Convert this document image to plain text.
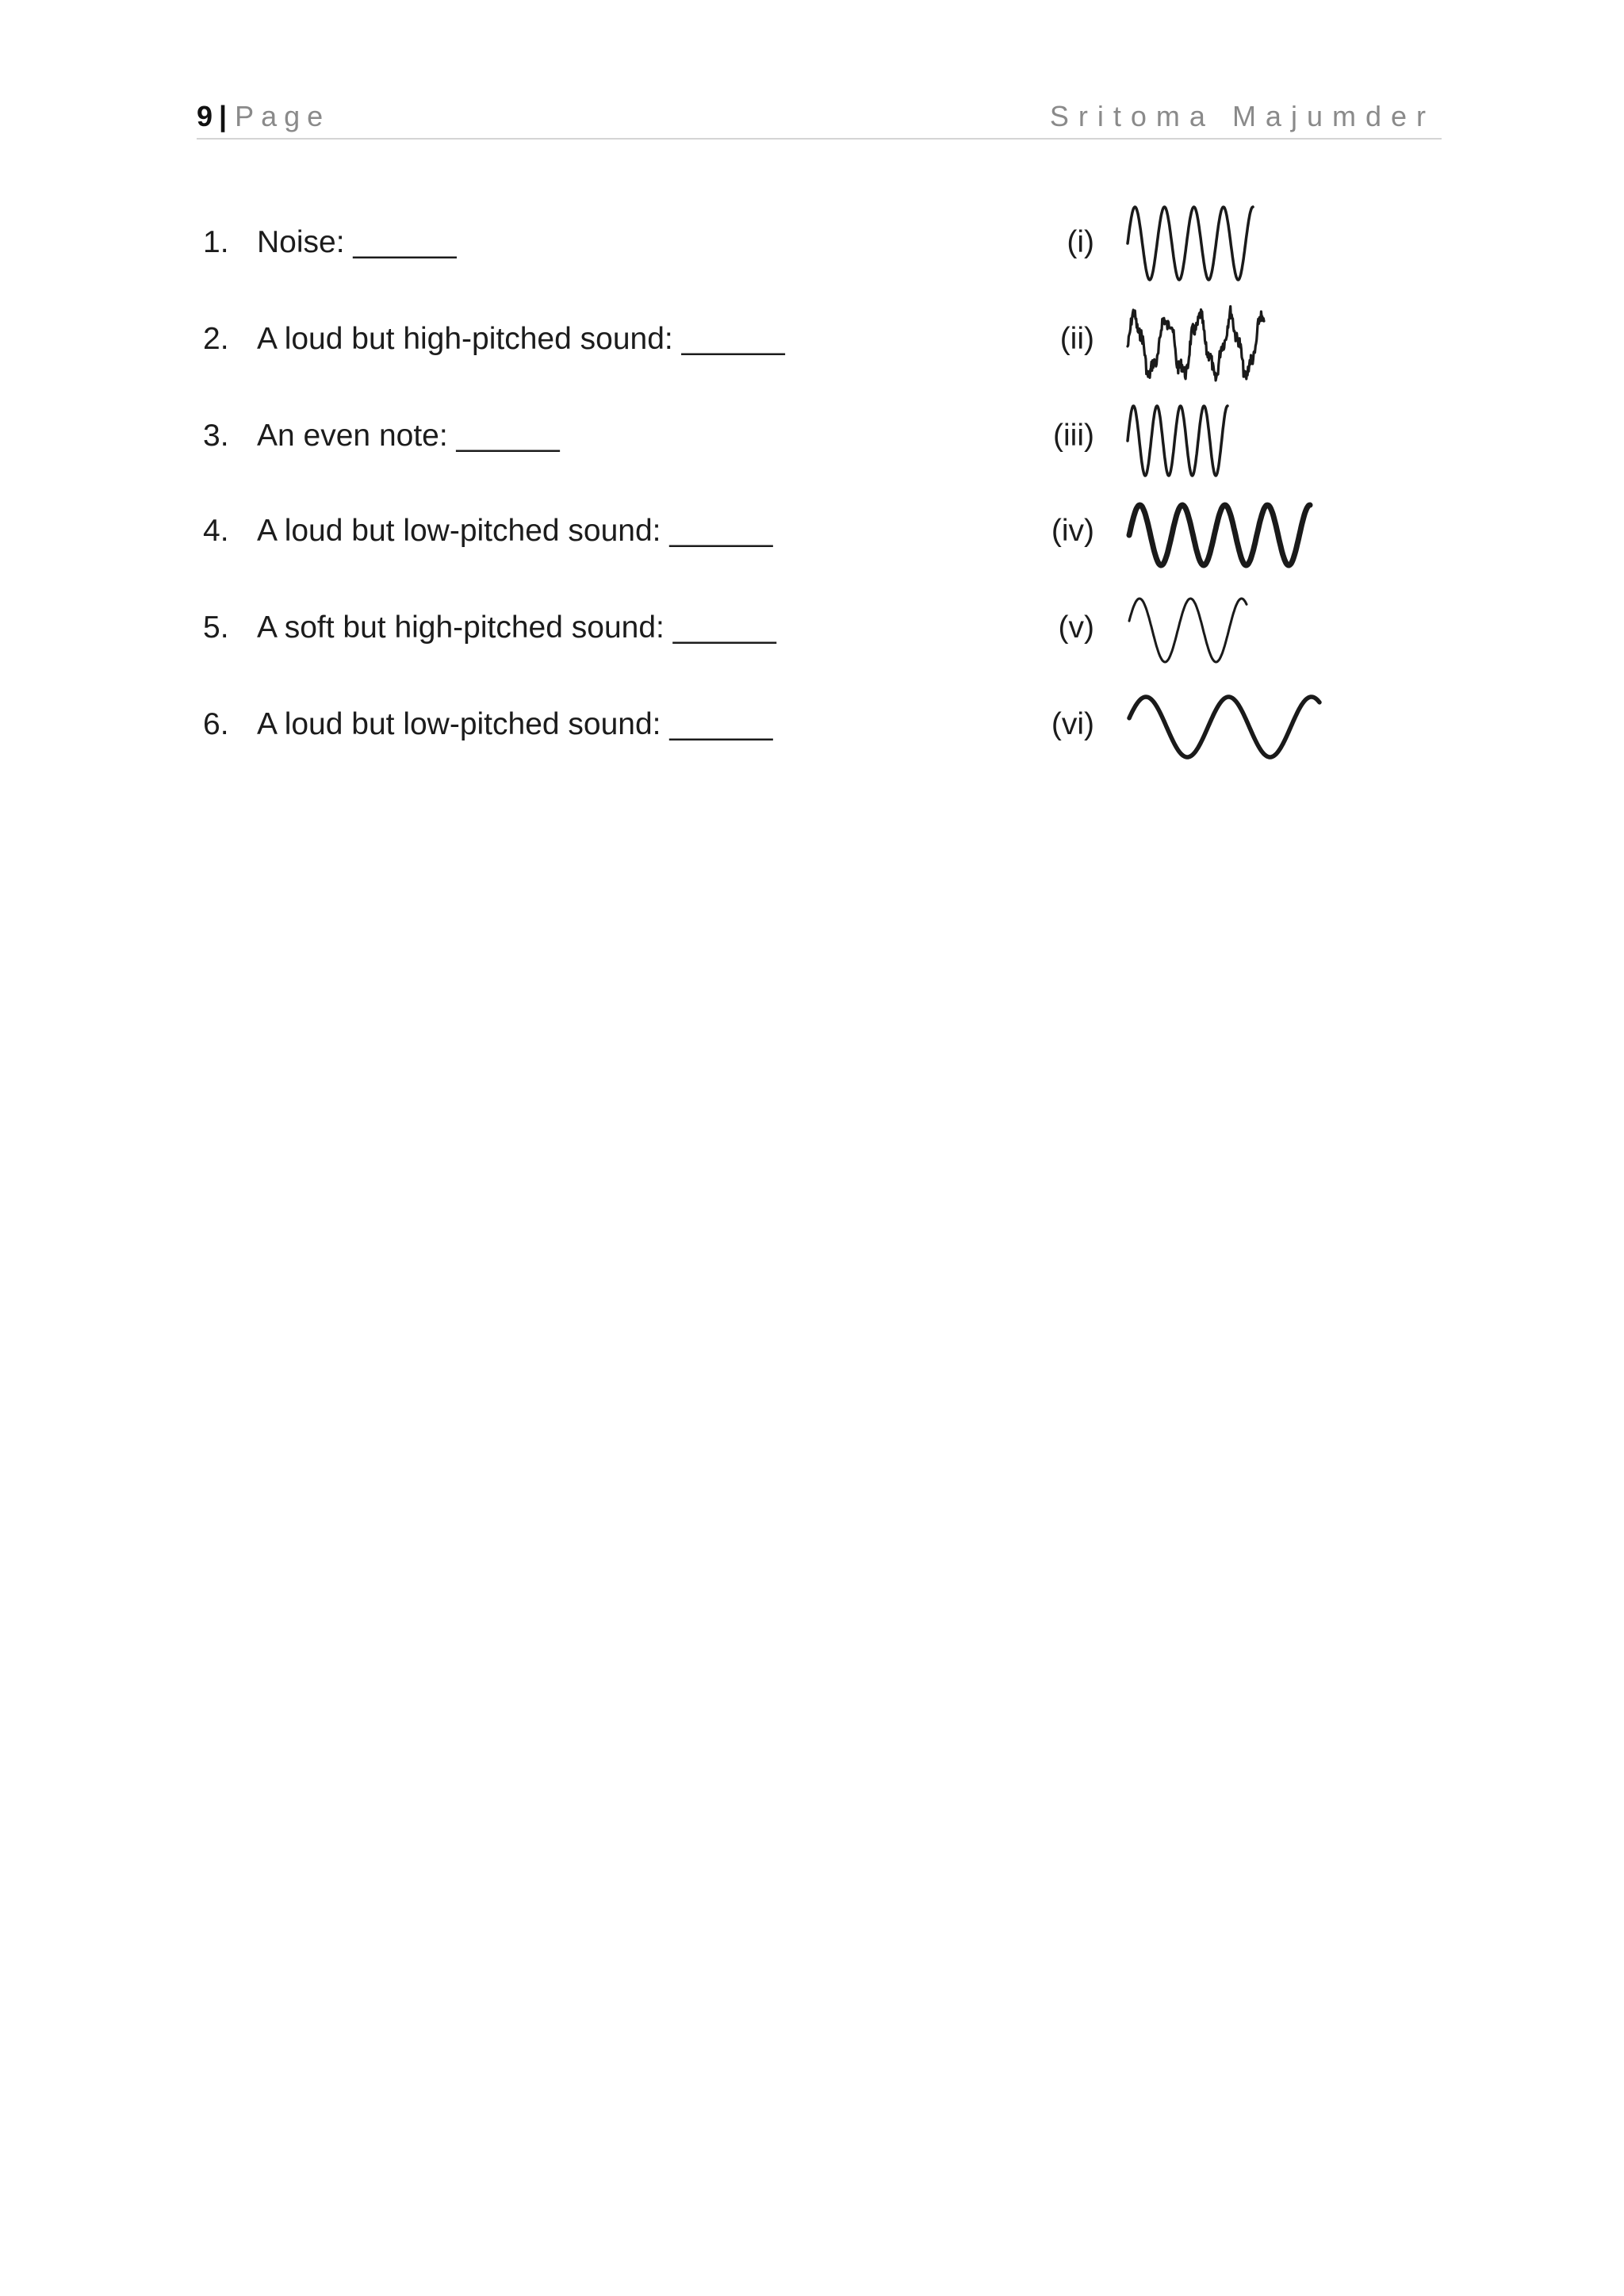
9 | Page	Sritoma Majumder
1. Noise: ______
2. A loud but high-pitched sound: ______
3. An even note: ______
4. A loud but low-pitched sound: ______
5. A soft but high-pitched sound: ______
6. A loud but low-pitched sound: ______
(i)
(ii)
(iii)
(iv)
(v)
(vi)
